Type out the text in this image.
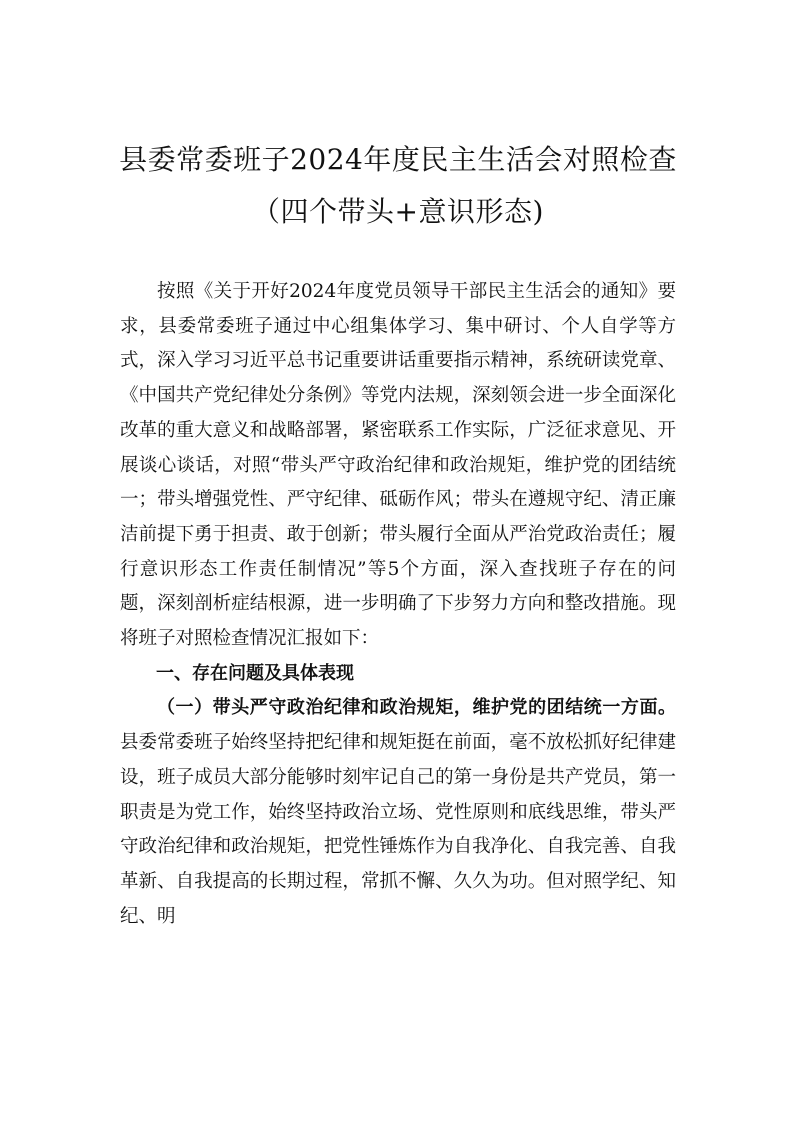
县委常委班子2024年度民主生活会对照检查（四个带头+意识形态)

按照《关于开好2024年度党员领导干部民主生活会的通知》要求，县委常委班子通过中心组集体学习、集中研讨、个人自学等方式，深入学习习近平总书记重要讲话重要指示精神，系统研读党章、《中国共产党纪律处分条例》等党内法规，深刻领会进一步全面深化改革的重大意义和战略部署，紧密联系工作实际，广泛征求意见、开展谈心谈话，对照“带头严守政治纪律和政治规矩，维护党的团结统一；带头增强党性、严守纪律、砥砺作风；带头在遵规守纪、清正廉洁前提下勇于担责、敢于创新；带头履行全面从严治党政治责任；履行意识形态工作责任制情况”等5个方面，深入查找班子存在的问题，深刻剖析症结根源，进一步明确了下步努力方向和整改措施。现将班子对照检查情况汇报如下：

一、存在问题及具体表现

（一）带头严守政治纪律和政治规矩，维护党的团结统一方面。县委常委班子始终坚持把纪律和规矩挺在前面，毫不放松抓好纪律建设，班子成员大部分能够时刻牢记自己的第一身份是共产党员，第一职责是为党工作，始终坚持政治立场、党性原则和底线思维，带头严守政治纪律和政治规矩，把党性锤炼作为自我净化、自我完善、自我革新、自我提高的长期过程，常抓不懈、久久为功。但对照学纪、知纪、明
